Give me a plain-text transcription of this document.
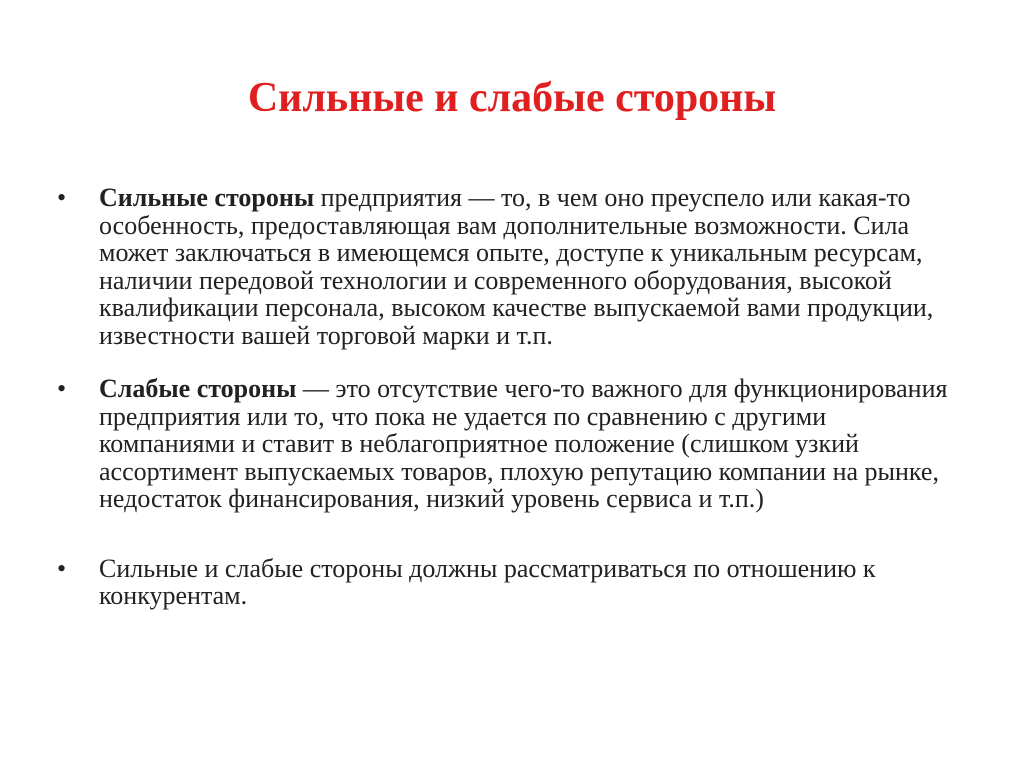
Сильные и слабые стороны
•	Сильные стороны предприятия — то, в чем оно преуспело или какая-то особенность, предоставляющая вам дополнительные возможности. Сила может заключаться в имеющемся опыте, доступе к уникальным ресурсам, наличии передовой технологии и современного оборудования, высокой квалификации персонала, высоком качестве выпускаемой вами продукции, известности вашей торговой марки и т.п.
•	Слабые стороны — это отсутствие чего-то важного для функционирования предприятия или то, что пока не удается по сравнению с другими компаниями и ставит в неблагоприятное положение (слишком узкий ассортимент выпускаемых товаров, плохую репутацию компании на рынке, недостаток финансирования, низкий уровень сервиса и т.п.)
•	Сильные и слабые стороны должны рассматриваться по отношению к конкурентам.
